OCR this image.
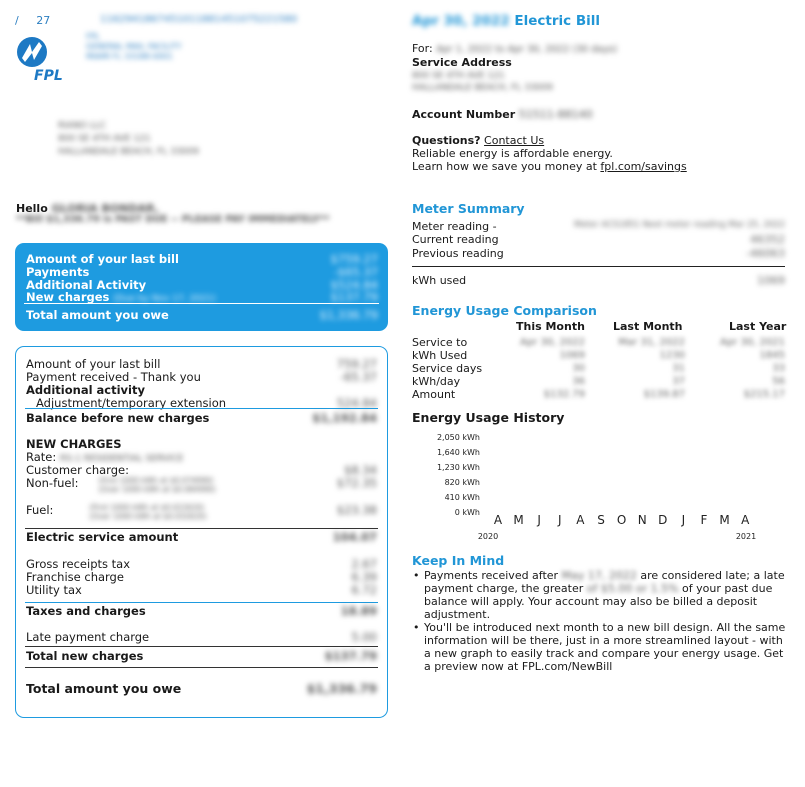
/ 27	1162941867451011881451075221580
FPL
FPL
GENERAL MAIL FACILITY
MIAMI FL 33188-0001
RIANO LLC
800 SE 4TH AVE 121
HALLANDALE BEACH, FL 33009
Hello GLORIA BONDAR,
**Bill $1,336.79 is PAST DUE -- PLEASE PAY IMMEDIATELY**
Amount of your last bill	$759.27
Payments	-$65.37
Additional Activity	$524.84
New charges (Due by Nov 17, 2021)	$137.79
Total amount you owe	$1,336.79
Amount of your last bill	759.27
Payment received - Thank you	-65.37
Additional activity
Adjustment/temporary extension	524.84
Balance before new charges	$1,192.84
NEW CHARGES
Rate: RS-1 RESIDENTIAL SERVICE
Customer charge:	$8.34
Non-fuel:	(First 1000 kWh at $0.074990)
(Over 1000 kWh at $0.084990)	$72.35
Fuel:	(First 1000 kWh at $0.022620)
(Over 1000 kWh at $0.032620)	$23.38
Electric service amount	104.07
Gross receipts tax	2.67
Franchise charge	6.39
Utility tax	6.72
Taxes and charges	18.89
Late payment charge	5.00
Total new charges	$137.79
Total amount you owe	$1,336.79
Apr 30, 2022 Electric Bill
For: Apr 1, 2022 to Apr 30, 2022 (30 days)
Service Address
800 SE 4TH AVE 121
HALLANDALE BEACH, FL 33009
Account Number 51511-88140
Questions? Contact Us
Reliable energy is affordable energy.
Learn how we save you money at fpl.com/savings
Meter Summary
Meter reading -	Meter ACS1851 Next meter reading Mar 25, 2022
Current reading	46352
Previous reading	-46063
kWh used	1069
Energy Usage Comparison
This Month	Last Month	Last Year
Service to	Apr 30, 2022	Mar 31, 2022	Apr 30, 2021
kWh Used	1069	1230	1845
Service days	30	31	33
kWh/day	36	37	56
Amount	$132.79	$139.87	$215.17
Energy Usage History
2,050 kWh
1,640 kWh
1,230 kWh
820 kWh
410 kWh
0 kWh
A M J J A S O N D J F M A
2020	2021
Keep In Mind
• Payments received after May 17, 2022 are considered late; a late payment charge, the greater of $5.00 or 1.5% of your past due balance will apply. Your account may also be billed a deposit adjustment.
• You'll be introduced next month to a new bill design. All the same information will be there, just in a more streamlined layout - with a new graph to easily track and compare your energy usage. Get a preview now at FPL.com/NewBill
